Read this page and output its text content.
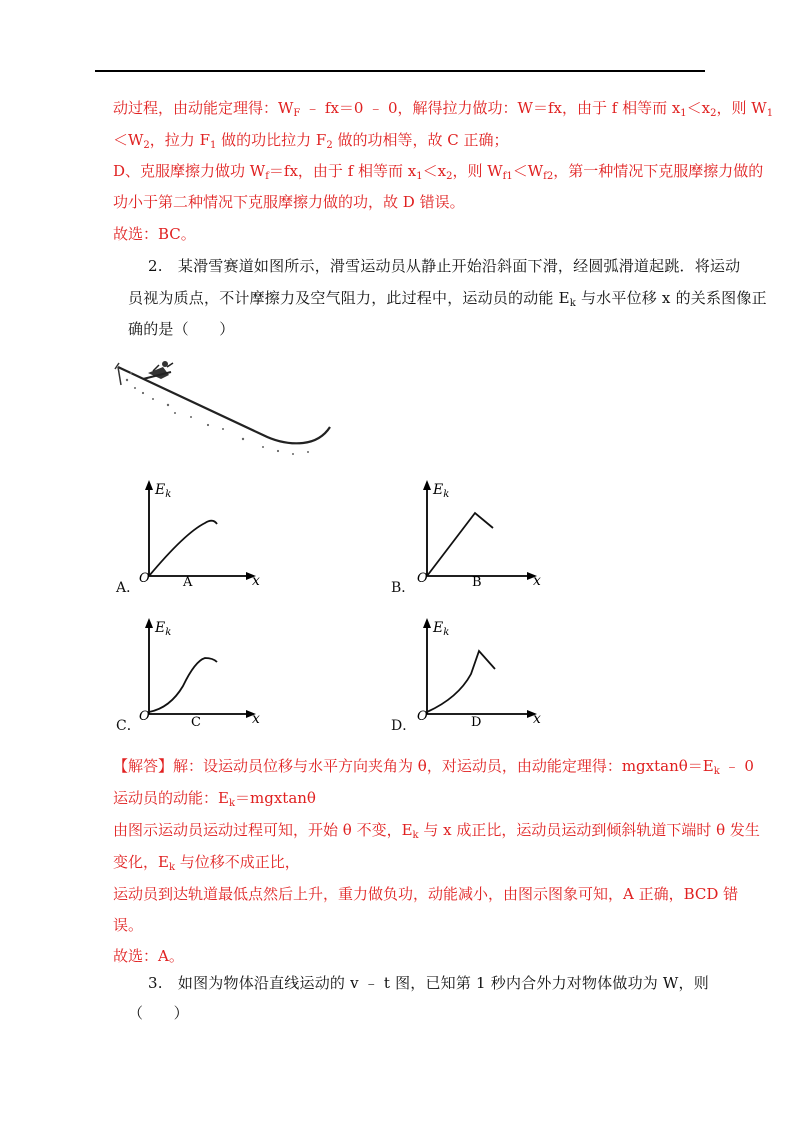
动过程，由动能定理得：$W_F$ ﹣ fx＝0 ﹣ 0，解得拉力做功：W＝fx，由于 f 相等而 $x_1<x_2$，则 $W_1$
$<W_2$，拉力 $F_1$ 做的功比拉力 $F_2$ 做的功相等，故 C 正确；
D、克服摩擦力做功 $W_f=fx$，由于 f 相等而 $x_1<x_2$，则 $W_{f1}<W_{f2}$，第一种情况下克服摩擦力做的
功小于第二种情况下克服摩擦力做的功，故 D 错误。
故选：BC。
2.　某滑雪赛道如图所示，滑雪运动员从静止开始沿斜面下滑，经圆弧滑道起跳．将运动
员视为质点，不计摩擦力及空气阻力，此过程中，运动员的动能 $E_k$ 与水平位移 x 的关系图像正
确的是（　　）
$E_k$
O	x
A
A．
$E_k$
O	x
B
B．
$E_k$
O	x
C
C．
$E_k$
O	x
D
D．
【解答】解：设运动员位移与水平方向夹角为 θ，对运动员，由动能定理得：$mgxtan\theta=E_k$ ﹣ 0
运动员的动能：$E_k=mgxtan\theta$
由图示运动员运动过程可知，开始 θ 不变，$E_k$ 与 x 成正比，运动员运动到倾斜轨道下端时 θ 发生
变化，$E_k$ 与位移不成正比，
运动员到达轨道最低点然后上升，重力做负功，动能减小，由图示图象可知，A 正确，BCD 错
误。
故选：A。
3.　如图为物体沿直线运动的 v ﹣ t 图，已知第 1 秒内合外力对物体做功为 W，则
（　　）
